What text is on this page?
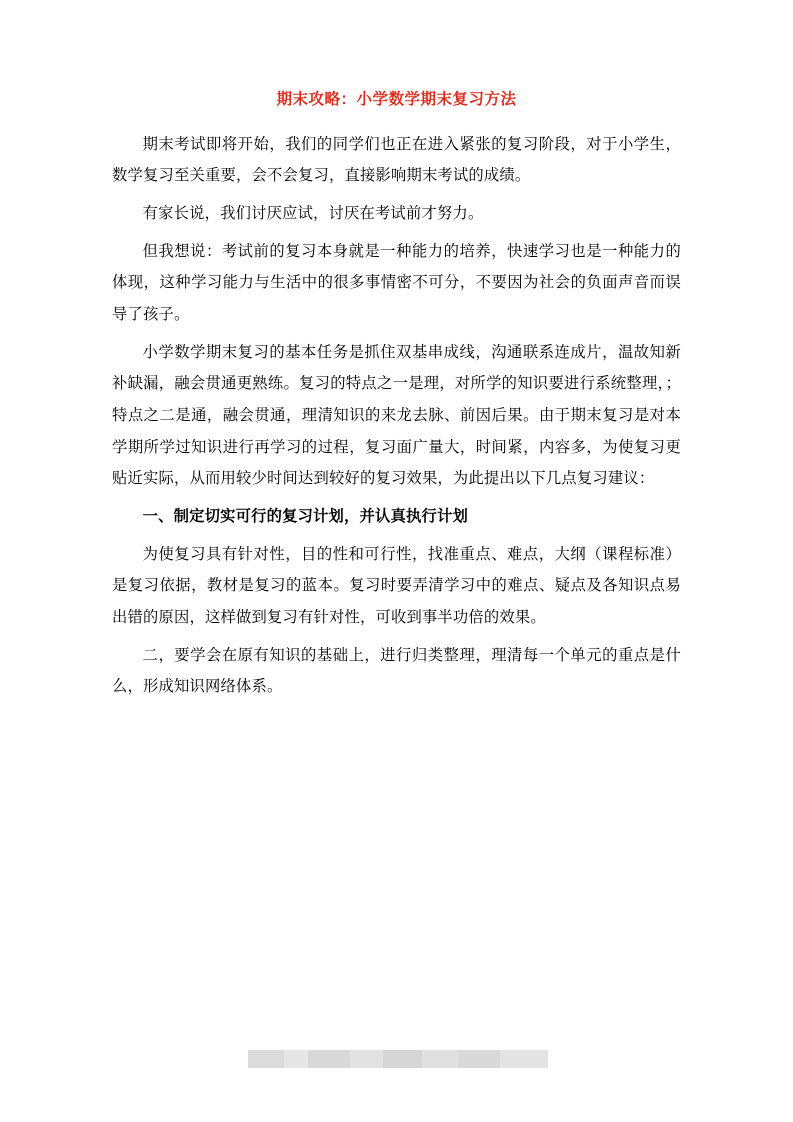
期末攻略：小学数学期末复习方法

期末考试即将开始，我们的同学们也正在进入紧张的复习阶段，对于小学生，数学复习至关重要，会不会复习，直接影响期末考试的成绩。

有家长说，我们讨厌应试，讨厌在考试前才努力。

但我想说：考试前的复习本身就是一种能力的培养，快速学习也是一种能力的体现，这种学习能力与生活中的很多事情密不可分，不要因为社会的负面声音而误导了孩子。

小学数学期末复习的基本任务是抓住双基串成线，沟通联系连成片，温故知新补缺漏，融会贯通更熟练。复习的特点之一是理，对所学的知识要进行系统整理，；特点之二是通，融会贯通，理清知识的来龙去脉、前因后果。由于期末复习是对本学期所学过知识进行再学习的过程，复习面广量大，时间紧，内容多，为使复习更贴近实际，从而用较少时间达到较好的复习效果，为此提出以下几点复习建议：

一、制定切实可行的复习计划，并认真执行计划

为使复习具有针对性，目的性和可行性，找准重点、难点，大纲（课程标准）是复习依据，教材是复习的蓝本。复习时要弄清学习中的难点、疑点及各知识点易出错的原因，这样做到复习有针对性，可收到事半功倍的效果。

二，要学会在原有知识的基础上，进行归类整理，理清每一个单元的重点是什么，形成知识网络体系。
